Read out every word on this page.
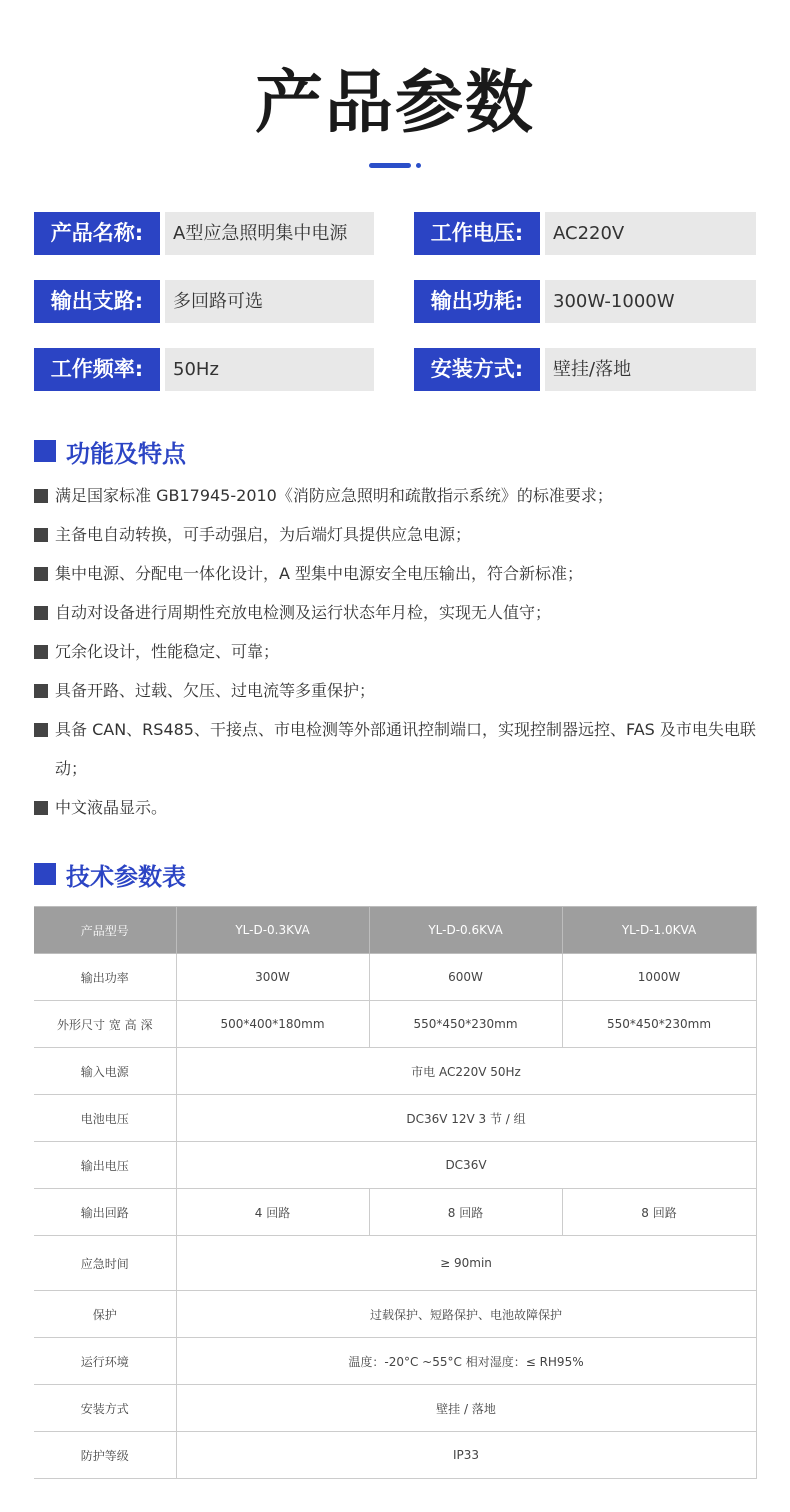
产品参数
产品名称:	A型应急照明集中电源	工作电压:	AC220V
输出支路:	多回路可选	输出功耗:	300W-1000W
工作频率:	50Hz	安装方式:	壁挂/落地
功能及特点
满足国家标准 GB17945-2010《消防应急照明和疏散指示系统》的标准要求；
主备电自动转换，可手动强启，为后端灯具提供应急电源；
集中电源、分配电一体化设计，A 型集中电源安全电压输出，符合新标准；
自动对设备进行周期性充放电检测及运行状态年月检，实现无人值守；
冗余化设计，性能稳定、可靠；
具备开路、过载、欠压、过电流等多重保护；
具备 CAN、RS485、干接点、市电检测等外部通讯控制端口，实现控制器远控、FAS 及市电失电联动；
中文液晶显示。
技术参数表
产品型号	YL-D-0.3KVA	YL-D-0.6KVA	YL-D-1.0KVA
输出功率	300W	600W	1000W
外形尺寸 宽 高 深	500*400*180mm	550*450*230mm	550*450*230mm
输入电源	市电 AC220V 50Hz		
电池电压	DC36V 12V 3 节 / 组		
输出电压	DC36V		
输出回路	4 回路	8 回路	8 回路
应急时间	≥ 90min		
保护	过载保护、短路保护、电池故障保护		
运行环境	温度：-20°C ~55°C 相对湿度：≤ RH95%		
安装方式	壁挂 / 落地		
防护等级	IP33		
